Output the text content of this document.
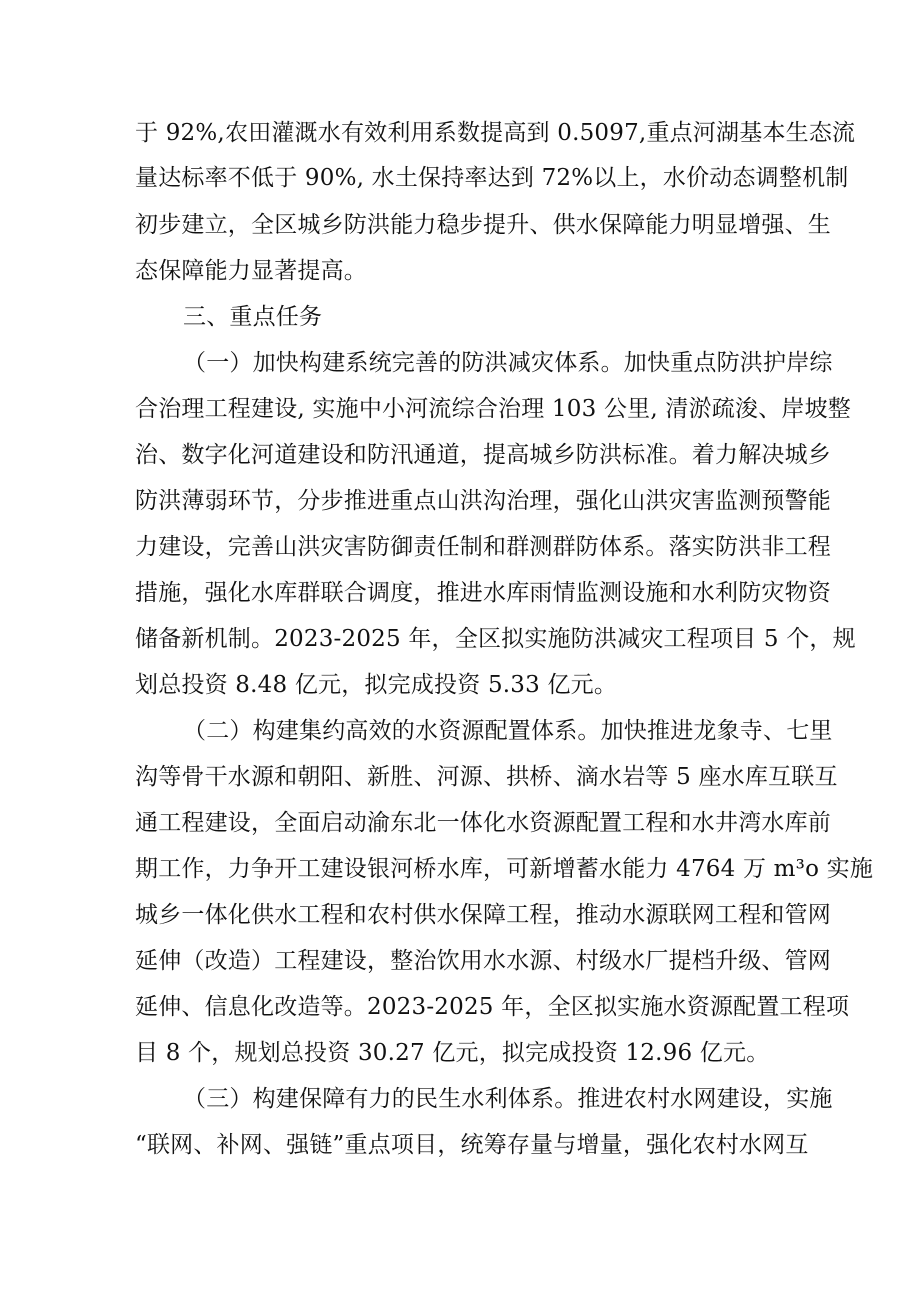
于 92%,农田灌溉水有效利用系数提高到 0.5097,重点河湖基本生态流
量达标率不低于 90%, 水土保持率达到 72%以上，水价动态调整机制
初步建立，全区城乡防洪能力稳步提升、供水保障能力明显增强、生
态保障能力显著提高。
三、重点任务
（一）加快构建系统完善的防洪减灾体系。加快重点防洪护岸综
合治理工程建设, 实施中小河流综合治理 103 公里, 清淤疏浚、岸坡整
治、数字化河道建设和防汛通道，提高城乡防洪标准。着力解决城乡
防洪薄弱环节，分步推进重点山洪沟治理，强化山洪灾害监测预警能
力建设，完善山洪灾害防御责任制和群测群防体系。落实防洪非工程
措施，强化水库群联合调度，推进水库雨情监测设施和水利防灾物资
储备新机制。2023-2025 年，全区拟实施防洪减灾工程项目 5 个，规
划总投资 8.48 亿元，拟完成投资 5.33 亿元。
（二）构建集约高效的水资源配置体系。加快推进龙象寺、七里
沟等骨干水源和朝阳、新胜、河源、拱桥、滴水岩等 5 座水库互联互
通工程建设，全面启动渝东北一体化水资源配置工程和水井湾水库前
期工作，力争开工建设银河桥水库，可新增蓄水能力 4764 万 m³o 实施
城乡一体化供水工程和农村供水保障工程，推动水源联网工程和管网
延伸（改造）工程建设，整治饮用水水源、村级水厂提档升级、管网
延伸、信息化改造等。2023-2025 年，全区拟实施水资源配置工程项
目 8 个，规划总投资 30.27 亿元，拟完成投资 12.96 亿元。
（三）构建保障有力的民生水利体系。推进农村水网建设，实施
“联网、补网、强链”重点项目，统筹存量与增量，强化农村水网互
